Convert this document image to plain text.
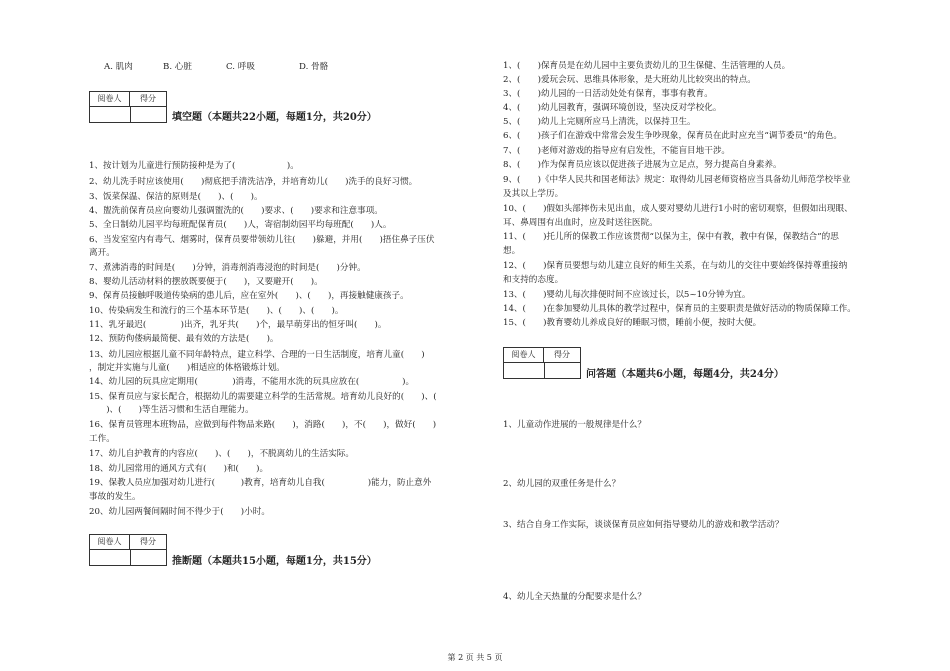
A. 肌肉	B. 心脏	C. 呼吸	D. 骨骼
阅卷人	得分
填空题（本题共22小题，每题1分，共20分）
1、按计划为儿童进行预防接种是为了(　　　　　　)。
2、幼儿洗手时应该使用(　　)彻底把手清洗洁净，并培育幼儿(　　)洗手的良好习惯。
3、饭菜保温、保洁的原则是(　　)、(　　)。
4、盥洗前保育员应向婴幼儿强调盥洗的(　　)要求、(　　)要求和注意事项。
5、全日制幼儿园平均每班配保育员(　　)人，寄宿制幼园平均每班配(　　)人。
6、当发室室内有毒气、烟雾时，保育员要带领幼儿往(　　)躲避，并用(　　)捂住鼻子压伏
离开。
7、煮沸消毒的时间是(　　)分钟，消毒剂消毒浸泡的时间是(　　)分钟。
8、婴幼儿活动材料的摆放既要便于(　　)，又要避开(　　)。
9、保育员接触呼吸道传染病的患儿后，应在室外(　　)、(　　)，再接触健康孩子。
10、传染病发生和流行的三个基本环节是(　　)、(　　)、(　　)。
11、乳牙最迟(　　　　)出齐，乳牙共(　　)个，最早萌芽出的恒牙叫(　　)。
12、预防佝偻病最简便、最有效的方法是(　　)。
13、幼儿园应根据儿童不同年龄特点，建立科学、合理的一日生活制度，培育儿童(　　)
，制定并实施与儿童(　　)相适应的体格锻炼计划。
14、幼儿园的玩具应定期用(　　　　)消毒，不能用水洗的玩具应放在(　　　　　)。
15、保育员应与家长配合，根据幼儿的需要建立科学的生活常规。培育幼儿良好的(　　)、(
　　)、(　　)等生活习惯和生活自理能力。
16、保育员管理本班物品，应做到每件物品来路(　　)，消路(　　)，不(　　)，做好(　　)
工作。
17、幼儿自护教育的内容应(　　)、(　　)，不脱离幼儿的生活实际。
18、幼儿园常用的通风方式有(　　)和(　　)。
19、保教人员应加强对幼儿进行(　　　)教育，培育幼儿自我(　　　　　)能力，防止意外
事故的发生。
20、幼儿园两餐间隔时间不得少于(　　)小时。
阅卷人	得分
推断题（本题共15小题，每题1分，共15分）
1、(　　)保育员是在幼儿园中主要负责幼儿的卫生保健、生活管理的人员。
2、(　　)爱玩会玩、思维具体形象，是大班幼儿比较突出的特点。
3、(　　)幼儿园的一日活动处处有保育，事事有教育。
4、(　　)幼儿园教育，强调环境创设，坚决反对学校化。
5、(　　)幼儿上完厕所应马上清洗，以保持卫生。
6、(　　)孩子们在游戏中常常会发生争吵现象，保育员在此时应充当“调节委员”的角色。
7、(　　)老师对游戏的指导应有启发性，不能盲目地干涉。
8、(　　)作为保育员应该以促进孩子进展为立足点，努力提高自身素养。
9、(　　)《中华人民共和国老师法》规定：取得幼儿园老师资格应当具备幼儿师范学校毕业
及其以上学历。
10、(　　)假如头部摔伤未见出血，成人要对婴幼儿进行1小时的密切观察，但假如出现眼、
耳、鼻周围有出血时，应及时送往医院。
11、(　　)托儿所的保教工作应该贯彻“以保为主，保中有教，教中有保，保教结合”的思
想。
12、(　　)保育员要想与幼儿建立良好的师生关系，在与幼儿的交往中要始终保持尊重接纳
和支持的态度。
13、(　　)婴幼儿每次排便时间不应该过长，以5~10分钟为宜。
14、(　　)在参加婴幼儿具体的教学过程中，保育员的主要职责是做好活动的物质保障工作。
15、(　　)教育婴幼儿养成良好的睡眠习惯，睡前小便，按时大便。
阅卷人	得分
问答题（本题共6小题，每题4分，共24分）
1、儿童动作进展的一般规律是什么？
2、幼儿园的双重任务是什么？
3、结合自身工作实际，谈谈保育员应如何指导婴幼儿的游戏和教学活动？
4、幼儿全天热量的分配要求是什么？
第 2 页 共 5 页
